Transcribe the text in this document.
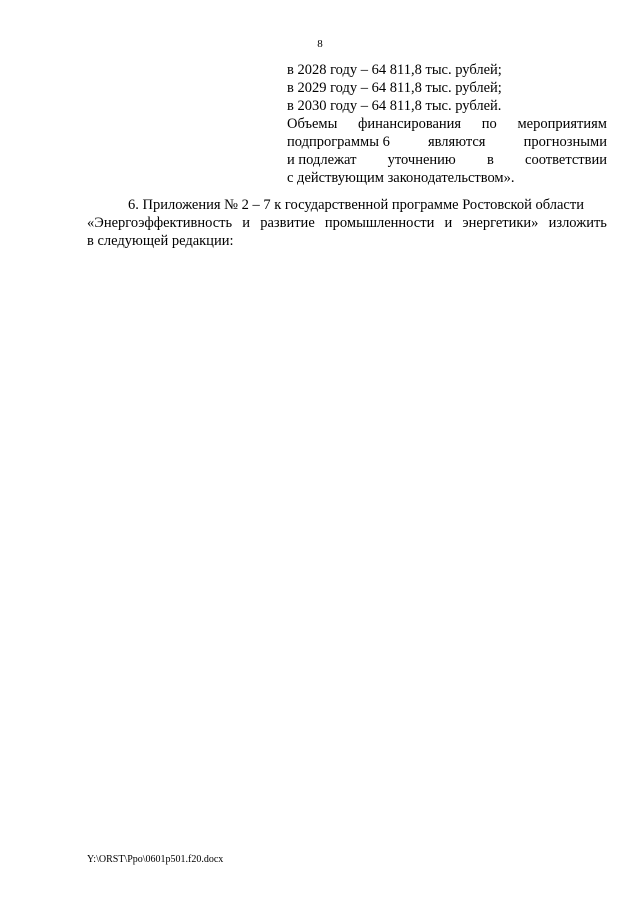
8
в 2028 году – 64 811,8 тыс. рублей;
в 2029 году – 64 811,8 тыс. рублей;
в 2030 году – 64 811,8 тыс. рублей.
Объемы финансирования по мероприятиям
подпрограммы 6	являются	прогнозными
и подлежат уточнению в соответствии
с действующим законодательством».
6. Приложения № 2 – 7 к государственной программе Ростовской области
«Энергоэффективность и развитие промышленности и энергетики» изложить
в следующей редакции:
Y:\ORST\Ppo\0601p501.f20.docx
